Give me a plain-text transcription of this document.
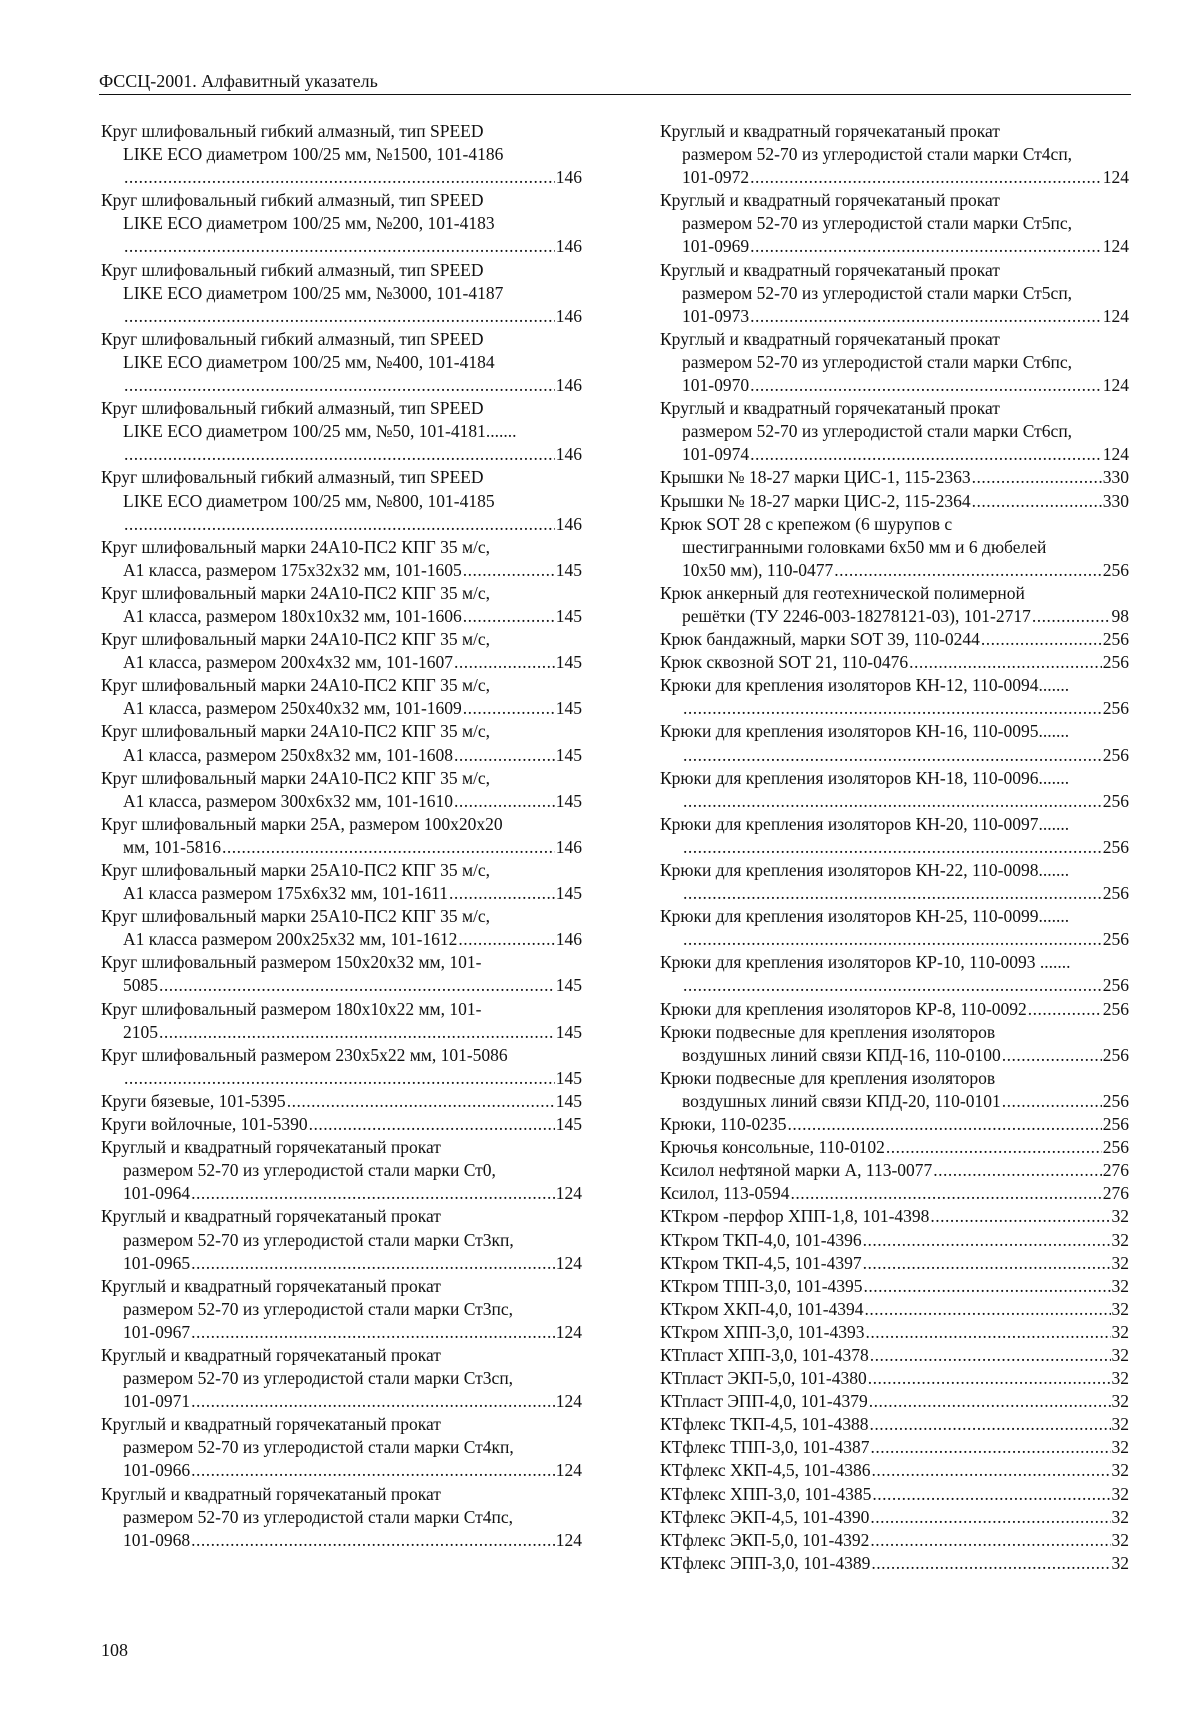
ФССЦ-2001. Алфавитный указатель
Круг шлифовальный гибкий алмазный, тип SPEED
LIKE ECO диаметром 100/25 мм, №1500, 101-4186
.....
146
Круг шлифовальный гибкий алмазный, тип SPEED
LIKE ECO диаметром 100/25 мм, №200, 101-4183
.....
146
Круг шлифовальный гибкий алмазный, тип SPEED
LIKE ECO диаметром 100/25 мм, №3000, 101-4187
.....
146
Круг шлифовальный гибкий алмазный, тип SPEED
LIKE ECO диаметром 100/25 мм, №400, 101-4184
.....
146
Круг шлифовальный гибкий алмазный, тип SPEED
LIKE ECO диаметром 100/25 мм, №50, 101-4181.......
.....
146
Круг шлифовальный гибкий алмазный, тип SPEED
LIKE ECO диаметром 100/25 мм, №800, 101-4185
.....
146
Круг шлифовальный марки 24А10-ПС2 КПГ 35 м/с,
А1 класса, размером 175х32х32 мм, 101-1605 .....	145
Круг шлифовальный марки 24А10-ПС2 КПГ 35 м/с,
А1 класса, размером 180х10х32 мм, 101-1606 .....	145
Круг шлифовальный марки 24А10-ПС2 КПГ 35 м/с,
А1 класса, размером 200х4х32 мм, 101-1607 .....	145
Круг шлифовальный марки 24А10-ПС2 КПГ 35 м/с,
А1 класса, размером 250х40х32 мм, 101-1609 .....	145
Круг шлифовальный марки 24А10-ПС2 КПГ 35 м/с,
А1 класса, размером 250х8х32 мм, 101-1608 .....	145
Круг шлифовальный марки 24А10-ПС2 КПГ 35 м/с,
А1 класса, размером 300х6х32 мм, 101-1610 .....	145
Круг шлифовальный марки 25А, размером 100х20х20
мм, 101-5816 .....	146
Круг шлифовальный марки 25А10-ПС2 КПГ 35 м/с,
А1 класса размером 175х6х32 мм, 101-1611 .....	145
Круг шлифовальный марки 25А10-ПС2 КПГ 35 м/с,
А1 класса размером 200х25х32 мм, 101-1612 .....	146
Круг шлифовальный размером 150х20х32 мм, 101-
5085 .....	145
Круг шлифовальный размером 180х10х22 мм, 101-
2105 .....	145
Круг шлифовальный размером 230х5х22 мм, 101-5086
.....
145
Круги бязевые, 101-5395 .....	145
Круги войлочные, 101-5390 .....	145
Круглый и квадратный горячекатаный прокат
размером 52-70 из углеродистой стали марки Ст0,
101-0964 .....	124
Круглый и квадратный горячекатаный прокат
размером 52-70 из углеродистой стали марки Ст3кп,
101-0965 .....	124
Круглый и квадратный горячекатаный прокат
размером 52-70 из углеродистой стали марки Ст3пс,
101-0967 .....	124
Круглый и квадратный горячекатаный прокат
размером 52-70 из углеродистой стали марки Ст3сп,
101-0971 .....	124
Круглый и квадратный горячекатаный прокат
размером 52-70 из углеродистой стали марки Ст4кп,
101-0966 .....	124
Круглый и квадратный горячекатаный прокат
размером 52-70 из углеродистой стали марки Ст4пс,
101-0968 .....	124
Круглый и квадратный горячекатаный прокат
размером 52-70 из углеродистой стали марки Ст4сп,
101-0972 .....	124
Круглый и квадратный горячекатаный прокат
размером 52-70 из углеродистой стали марки Ст5пс,
101-0969 .....	124
Круглый и квадратный горячекатаный прокат
размером 52-70 из углеродистой стали марки Ст5сп,
101-0973 .....	124
Круглый и квадратный горячекатаный прокат
размером 52-70 из углеродистой стали марки Ст6пс,
101-0970 .....	124
Круглый и квадратный горячекатаный прокат
размером 52-70 из углеродистой стали марки Ст6сп,
101-0974 .....	124
Крышки № 18-27 марки ЦИС-1, 115-2363 .....	330
Крышки № 18-27 марки ЦИС-2, 115-2364 .....	330
Крюк SOT 28 с крепежом (6 шурупов с
шестигранными головками 6х50 мм и 6 дюбелей
10х50 мм), 110-0477 .....	256
Крюк анкерный для геотехнической полимерной
решётки (ТУ 2246-003-18278121-03), 101-2717 .....	98
Крюк бандажный, марки SOT 39, 110-0244 .....	256
Крюк сквозной SOT 21, 110-0476 .....	256
Крюки для крепления изоляторов КН-12, 110-0094.......
.....
256
Крюки для крепления изоляторов КН-16, 110-0095.......
.....
256
Крюки для крепления изоляторов КН-18, 110-0096.......
.....
256
Крюки для крепления изоляторов КН-20, 110-0097.......
.....
256
Крюки для крепления изоляторов КН-22, 110-0098.......
.....
256
Крюки для крепления изоляторов КН-25, 110-0099.......
.....
256
Крюки для крепления изоляторов КР-10, 110-0093 .......
.....
256
Крюки для крепления изоляторов КР-8, 110-0092 .....	256
Крюки подвесные для крепления изоляторов
воздушных линий связи КПД-16, 110-0100 .....	256
Крюки подвесные для крепления изоляторов
воздушных линий связи КПД-20, 110-0101 .....	256
Крюки, 110-0235 .....	256
Крючья консольные, 110-0102 .....	256
Ксилол нефтяной марки А, 113-0077 .....	276
Ксилол, 113-0594 .....	276
КТкром -перфор ХПП-1,8, 101-4398 .....	32
КТкром ТКП-4,0, 101-4396 .....	32
КТкром ТКП-4,5, 101-4397 .....	32
КТкром ТПП-3,0, 101-4395 .....	32
КТкром ХКП-4,0, 101-4394 .....	32
КТкром ХПП-3,0, 101-4393 .....	32
КТпласт ХПП-3,0, 101-4378 .....	32
КТпласт ЭКП-5,0, 101-4380 .....	32
КТпласт ЭПП-4,0, 101-4379 .....	32
КТфлекс ТКП-4,5, 101-4388 .....	32
КТфлекс ТПП-3,0, 101-4387 .....	32
КТфлекс ХКП-4,5, 101-4386 .....	32
КТфлекс ХПП-3,0, 101-4385 .....	32
КТфлекс ЭКП-4,5, 101-4390 .....	32
КТфлекс ЭКП-5,0, 101-4392 .....	32
КТфлекс ЭПП-3,0, 101-4389 .....	32
108
